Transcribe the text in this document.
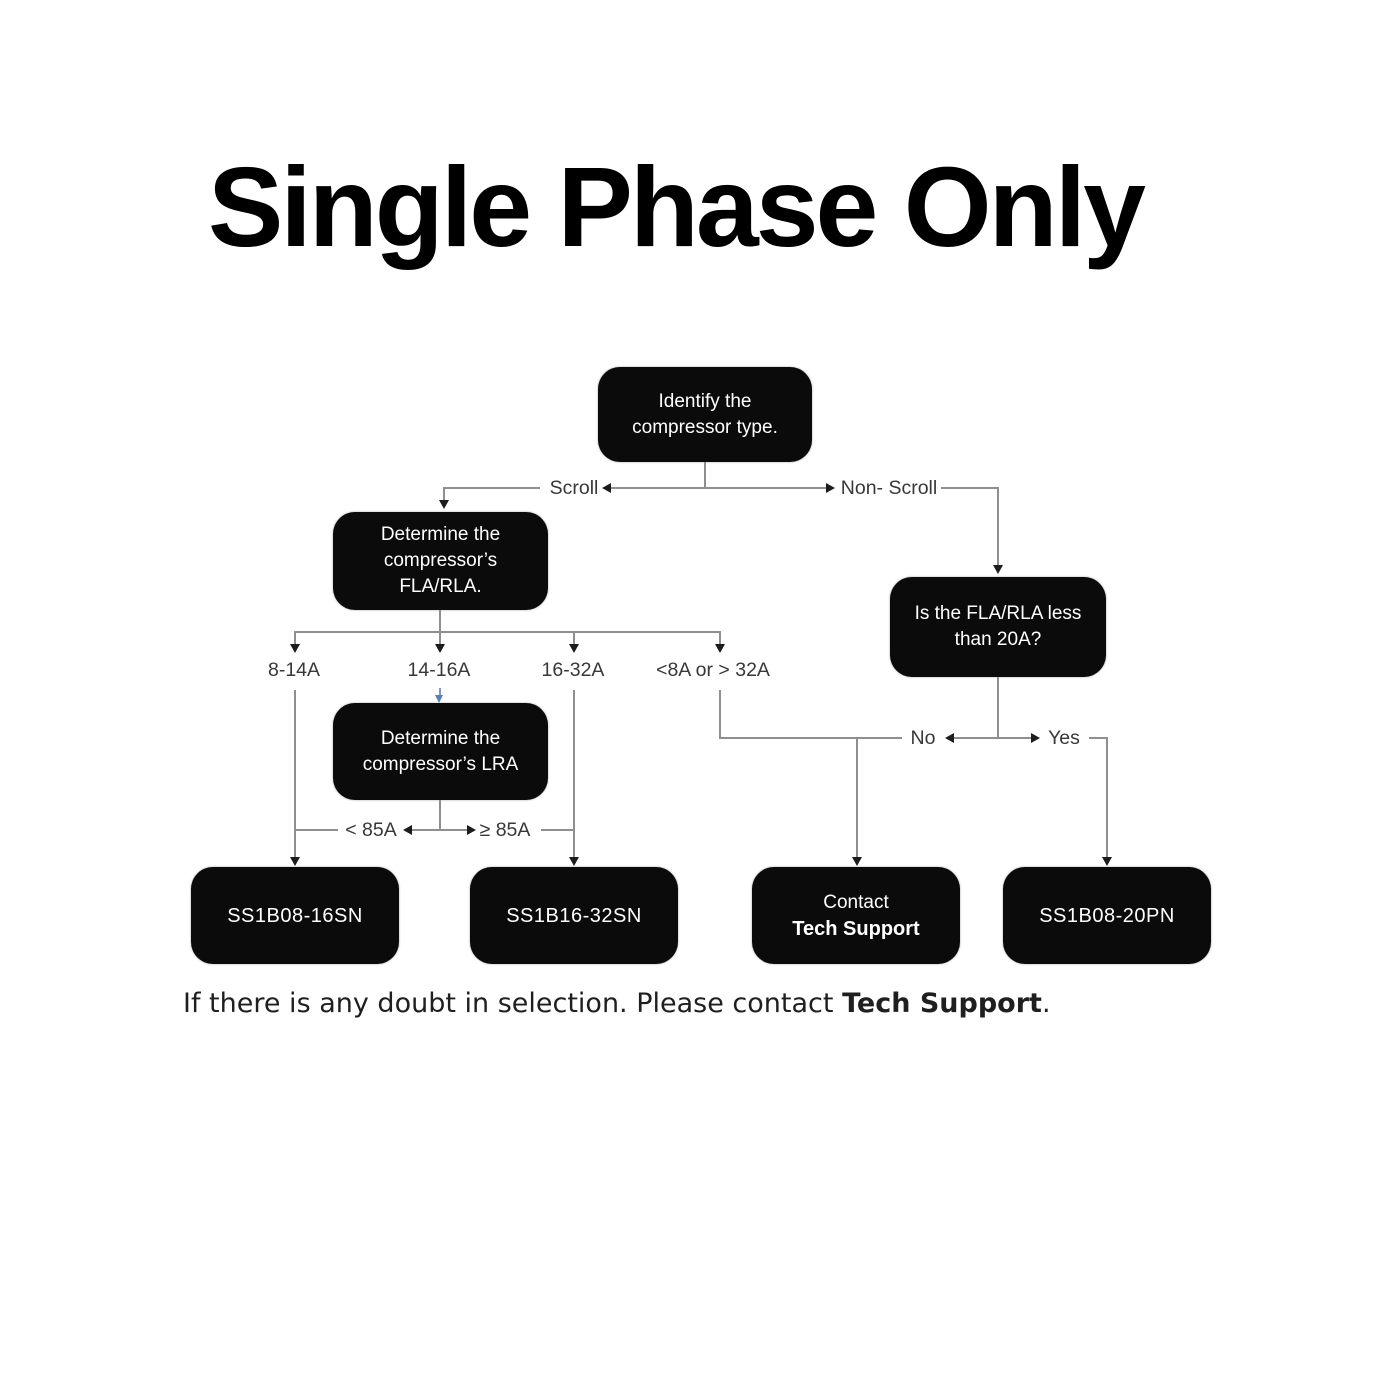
Single Phase Only
Identify the
compressor type.
Determine the
compressor’s
FLA/RLA.
Determine the
compressor’s LRA
Is the FLA/RLA less
than 20A?
SS1B08-16SN	SS1B16-32SN
Contact
Tech Support
SS1B08-20PN
Scroll	Non- Scroll
8-14A	14-16A	16-32A	<8A or > 32A
< 85A	≥ 85A
No	Yes

If there is any doubt in selection. Please contact Tech Support.
